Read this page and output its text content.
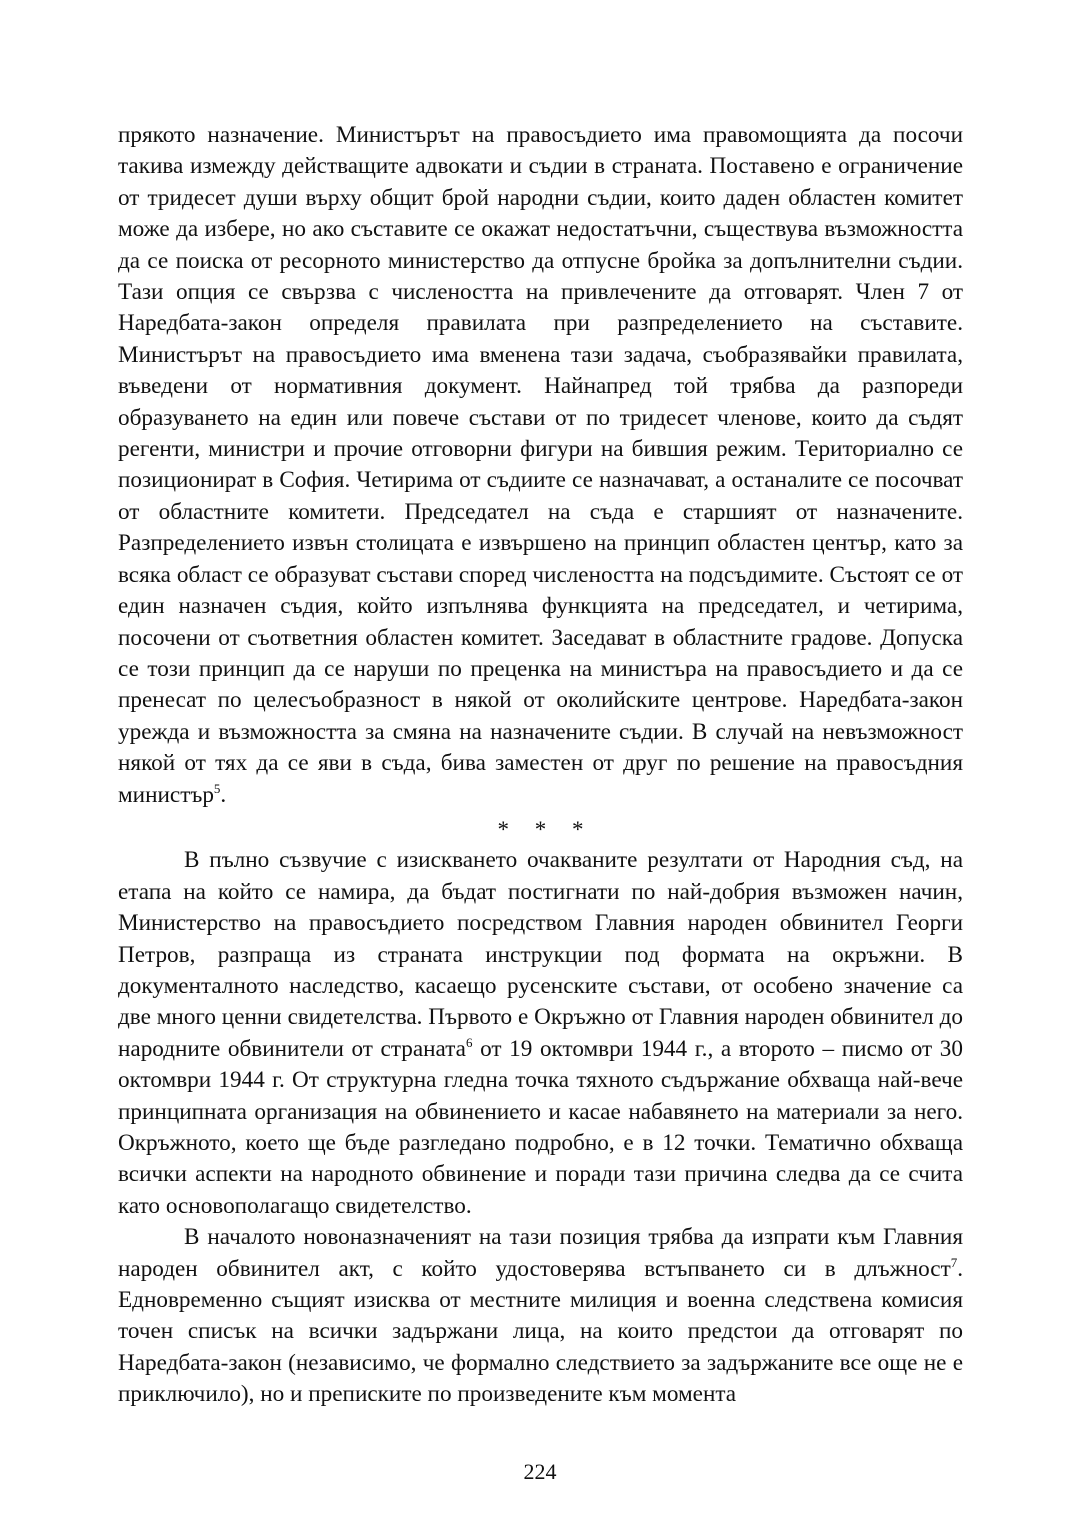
прякото назначение. Министърът на правосъдието има правомощията да посочи такива измежду действащите адвокати и съдии в страната. Поставено е ограничение от тридесет души върху общит брой народни съдии, които даден областен комитет може да избере, но ако съставите се окажат недостатъчни, съществува възможността да се поиска от ресорното министерство да отпусне бройка за допълнителни съдии. Тази опция се свързва с числеността на привлечените да отговарят. Член 7 от Наредбата-закон определя правилата при разпределението на съставите. Министърът на правосъдието има вменена тази задача, съобразявайки правилата, въведени от нормативния документ. Найнапред той трябва да разпореди образуването на един или повече състави от по тридесет членове, които да съдят регенти, министри и прочие отговорни фигури на бившия режим. Териториално се позиционират в София. Четирима от съдиите се назначават, а останалите се посочват от областните комитети. Председател на съда е старшият от назначените. Разпределението извън столицата е извършено на принцип областен център, като за всяка област се образуват състави според числеността на подсъдимите. Състоят се от един назначен съдия, който изпълнява функцията на председател, и четирима, посочени от съответния областен комитет. Заседават в областните градове. Допуска се този принцип да се наруши по преценка на министъра на правосъдието и да се пренесат по целесъобразност в някой от околийските центрове. Наредбата-закон урежда и възможността за смяна на назначените съдии. В случай на невъзможност някой от тях да се яви в съда, бива заместен от друг по решение на правосъдния министър$^5$.

* * *

В пълно съзвучие с изискването очакваните резултати от Народния съд, на етапа на който се намира, да бъдат постигнати по най-добрия възможен начин, Министерство на правосъдието посредством Главния народен обвинител Георги Петров, разпраща из страната инструкции под формата на окръжни. В документалното наследство, касаещо русенските състави, от особено значение са две много ценни свидетелства. Първото е Окръжно от Главния народен обвинител до народните обвинители от страната$^6$ от 19 октомври 1944 г., а второто – писмо от 30 октомври 1944 г. От структурна гледна точка тяхното съдържание обхваща най-вече принципната организация на обвинението и касае набавянето на материали за него. Окръжното, което ще бъде разгледано подробно, е в 12 точки. Тематично обхваща всички аспекти на народното обвинение и поради тази причина следва да се счита като основополагащо свидетелство.

В началото новоназначеният на тази позиция трябва да изпрати към Главния народен обвинител акт, с който удостоверява встъпването си в длъжност$^7$. Едновременно същият изисква от местните милиция и военна следствена комисия точен списък на всички задържани лица, на които предстои да отговарят по Наредбата-закон (независимо, че формално следствието за задържаните все още не е приключило), но и преписките по произведените към момента

224
